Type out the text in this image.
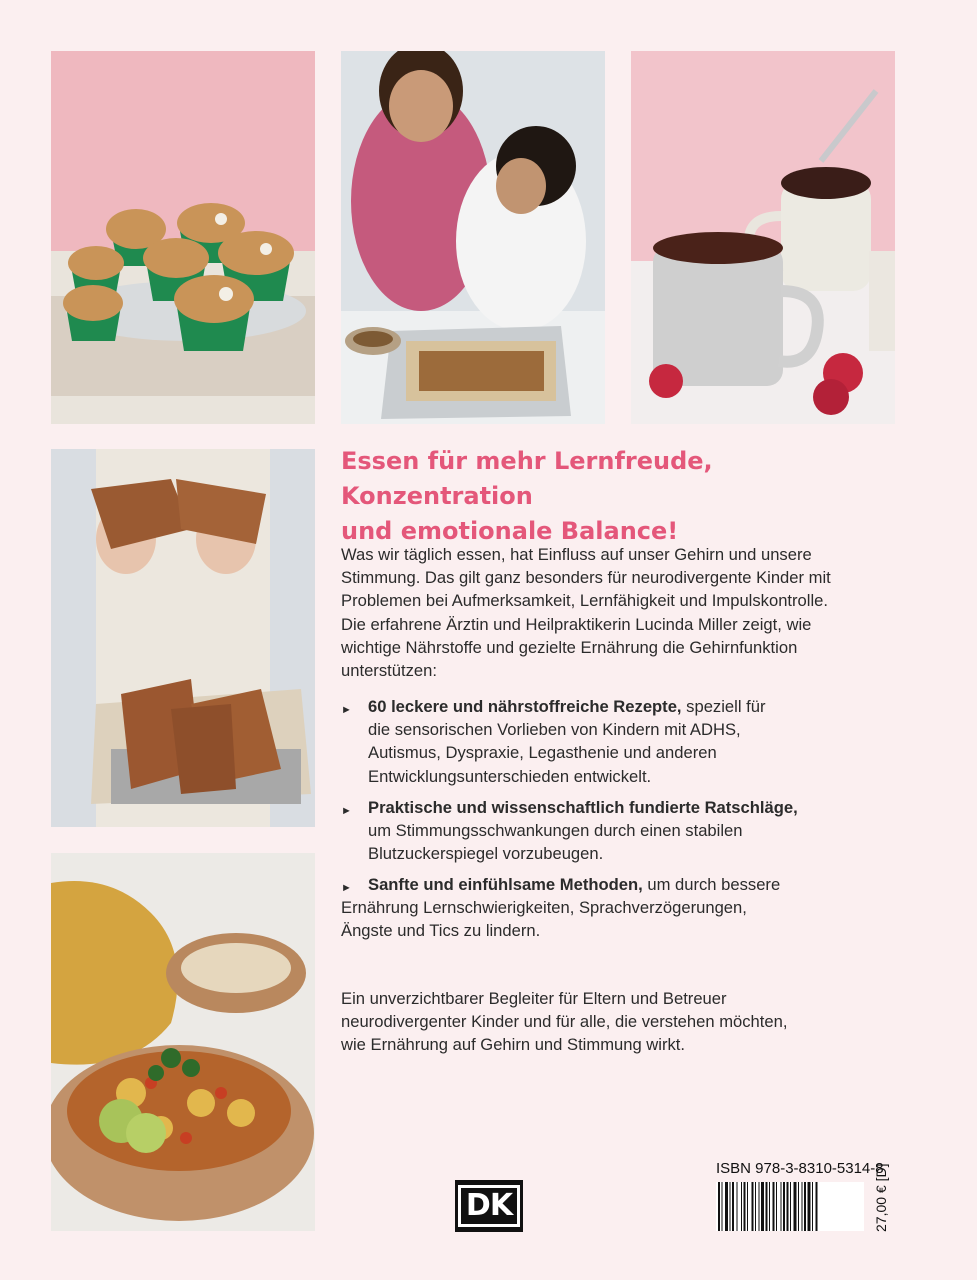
Essen für mehr Lernfreude, Konzentration
und emotionale Balance!
Was wir täglich essen, hat Einfluss auf unser Gehirn und unsere
Stimmung. Das gilt ganz besonders für neurodivergente Kinder mit
Problemen bei Aufmerksamkeit, Lernfähigkeit und Impulskontrolle.
Die erfahrene Ärztin und Heilpraktikerin Lucinda Miller zeigt, wie
wichtige Nährstoffe und gezielte Ernährung die Gehirnfunktion
unterstützen:
► 60 leckere und nährstoffreiche Rezepte, speziell für
die sensorischen Vorlieben von Kindern mit ADHS,
Autismus, Dyspraxie, Legasthenie und anderen
Entwicklungsunterschieden entwickelt.
► Praktische und wissenschaftlich fundierte Ratschläge,
um Stimmungsschwankungen durch einen stabilen
Blutzuckerspiegel vorzubeugen.
► Sanfte und einfühlsame Methoden, um durch bessere
Ernährung Lernschwierigkeiten, Sprachverzögerungen,
Ängste und Tics zu lindern.
Ein unverzichtbarer Begleiter für Eltern und Betreuer
neurodivergenter Kinder und für alle, die verstehen möchten,
wie Ernährung auf Gehirn und Stimmung wirkt.
DK
ISBN 978-3-8310-5314-8
27,00 € [D]
